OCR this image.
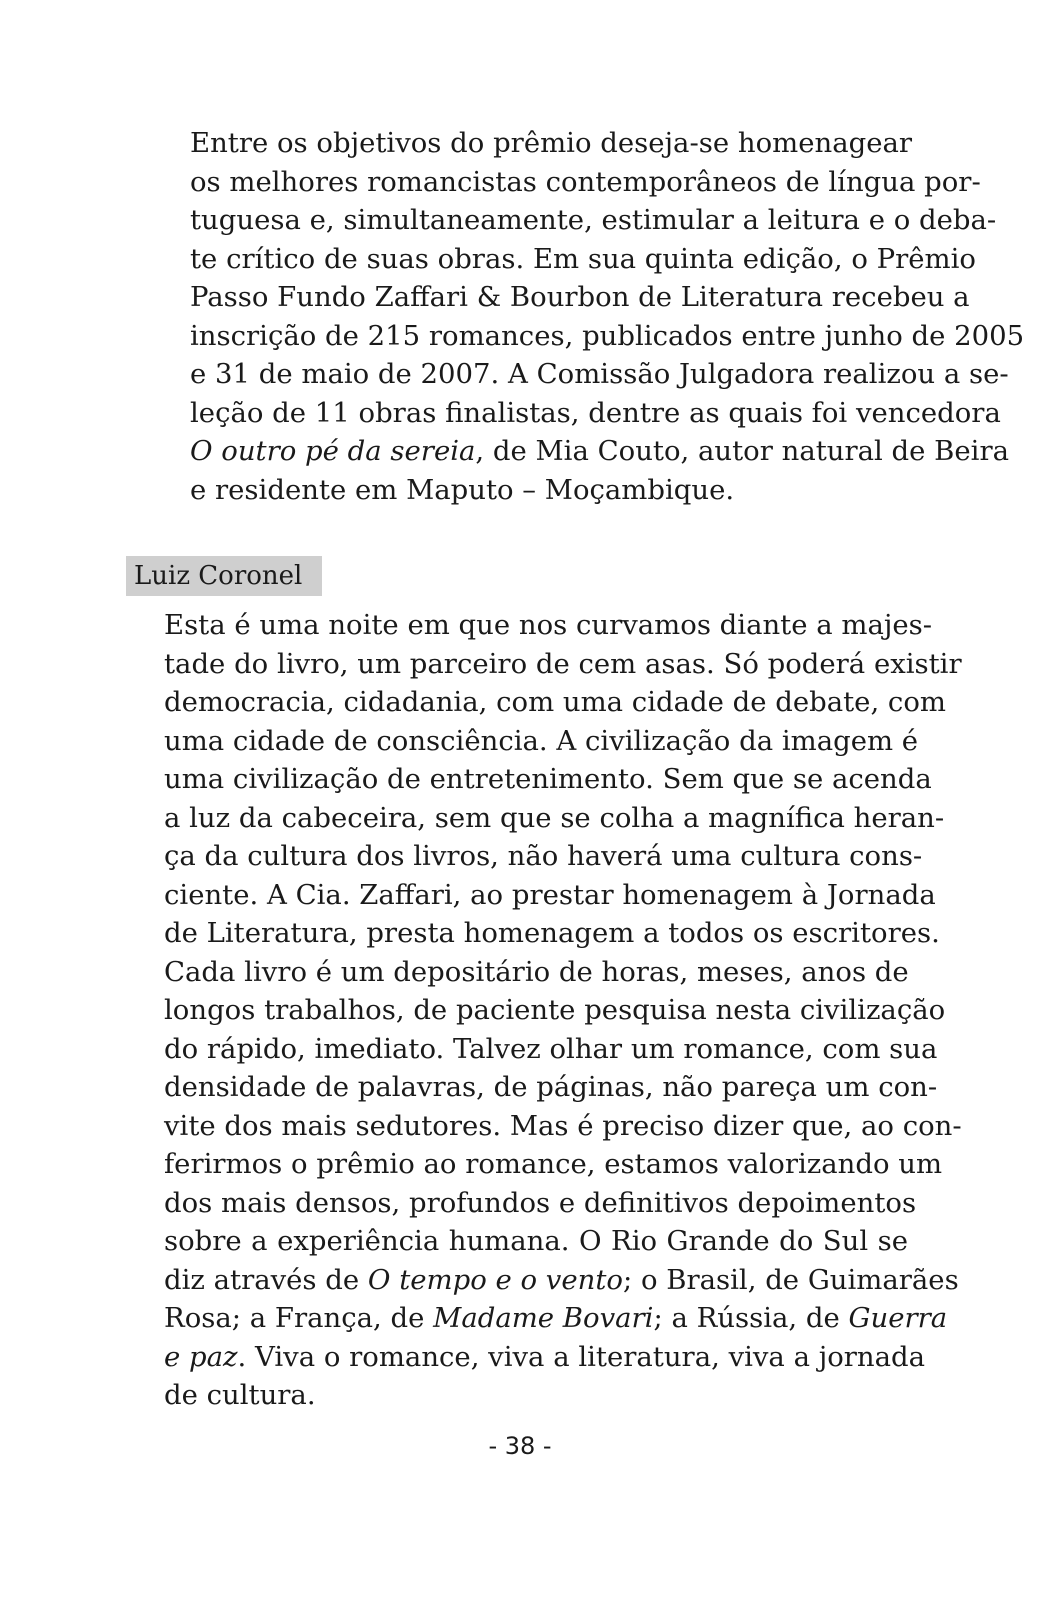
Entre os objetivos do prêmio deseja-se homenagear
os melhores romancistas contemporâneos de língua por-
tuguesa e, simultaneamente, estimular a leitura e o deba-
te crítico de suas obras. Em sua quinta edição, o Prêmio
Passo Fundo Zaffari & Bourbon de Literatura recebeu a
inscrição de 215 romances, publicados entre junho de 2005
e 31 de maio de 2007. A Comissão Julgadora realizou a se-
leção de 11 obras finalistas, dentre as quais foi vencedora
O outro pé da sereia, de Mia Couto, autor natural de Beira
e residente em Maputo – Moçambique.
Luiz Coronel
Esta é uma noite em que nos curvamos diante a majes-
tade do livro, um parceiro de cem asas. Só poderá existir
democracia, cidadania, com uma cidade de debate, com
uma cidade de consciência. A civilização da imagem é
uma civilização de entretenimento. Sem que se acenda
a luz da cabeceira, sem que se colha a magnífica heran-
ça da cultura dos livros, não haverá uma cultura cons-
ciente. A Cia. Zaffari, ao prestar homenagem à Jornada
de Literatura, presta homenagem a todos os escritores.
Cada livro é um depositário de horas, meses, anos de
longos trabalhos, de paciente pesquisa nesta civilização
do rápido, imediato. Talvez olhar um romance, com sua
densidade de palavras, de páginas, não pareça um con-
vite dos mais sedutores. Mas é preciso dizer que, ao con-
ferirmos o prêmio ao romance, estamos valorizando um
dos mais densos, profundos e definitivos depoimentos
sobre a experiência humana. O Rio Grande do Sul se
diz através de O tempo e o vento; o Brasil, de Guimarães
Rosa; a França, de Madame Bovari; a Rússia, de Guerra
e paz. Viva o romance, viva a literatura, viva a jornada
de cultura.
- 38 -
